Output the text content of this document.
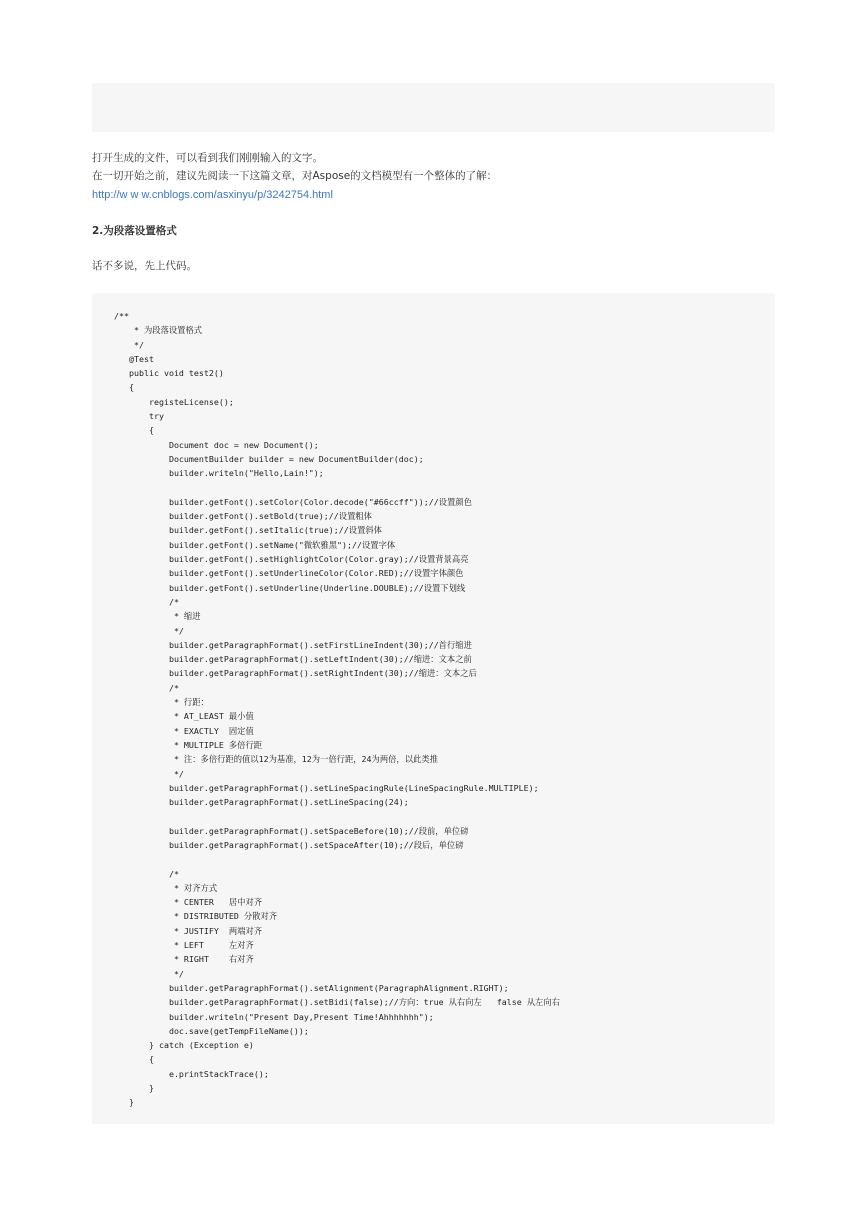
打开生成的文件，可以看到我们刚刚输入的文字。
在一切开始之前，建议先阅读一下这篇文章，对Aspose的文档模型有一个整体的了解：
http://w w w.cnblogs.com/asxinyu/p/3242754.html
2.为段落设置格式
话不多说，先上代码。
/**
* 为段落设置格式
*/
@Test
public void test2()
{
registeLicense();
try
{
Document doc = new Document();
DocumentBuilder builder = new DocumentBuilder(doc);
builder.writeln("Hello,Lain!");

builder.getFont().setColor(Color.decode("#66ccff"));//设置颜色
builder.getFont().setBold(true);//设置粗体
builder.getFont().setItalic(true);//设置斜体
builder.getFont().setName("微软雅黑");//设置字体
builder.getFont().setHighlightColor(Color.gray);//设置背景高亮
builder.getFont().setUnderlineColor(Color.RED);//设置字体颜色
builder.getFont().setUnderline(Underline.DOUBLE);//设置下划线
/*
* 缩进
*/
builder.getParagraphFormat().setFirstLineIndent(30);//首行缩进
builder.getParagraphFormat().setLeftIndent(30);//缩进：文本之前
builder.getParagraphFormat().setRightIndent(30);//缩进：文本之后
/*
* 行距：
* AT_LEAST 最小值
* EXACTLY  固定值
* MULTIPLE 多倍行距
* 注：多倍行距的值以12为基准，12为一倍行距，24为两倍，以此类推
*/
builder.getParagraphFormat().setLineSpacingRule(LineSpacingRule.MULTIPLE);
builder.getParagraphFormat().setLineSpacing(24);

builder.getParagraphFormat().setSpaceBefore(10);//段前，单位磅
builder.getParagraphFormat().setSpaceAfter(10);//段后，单位磅

/*
* 对齐方式
* CENTER   居中对齐
* DISTRIBUTED 分散对齐
* JUSTIFY  两端对齐
* LEFT     左对齐
* RIGHT    右对齐
*/
builder.getParagraphFormat().setAlignment(ParagraphAlignment.RIGHT);
builder.getParagraphFormat().setBidi(false);//方向：true 从右向左   false 从左向右
builder.writeln("Present Day,Present Time!Ahhhhhhh");
doc.save(getTempFileName());
} catch (Exception e)
{
e.printStackTrace();
}
}
